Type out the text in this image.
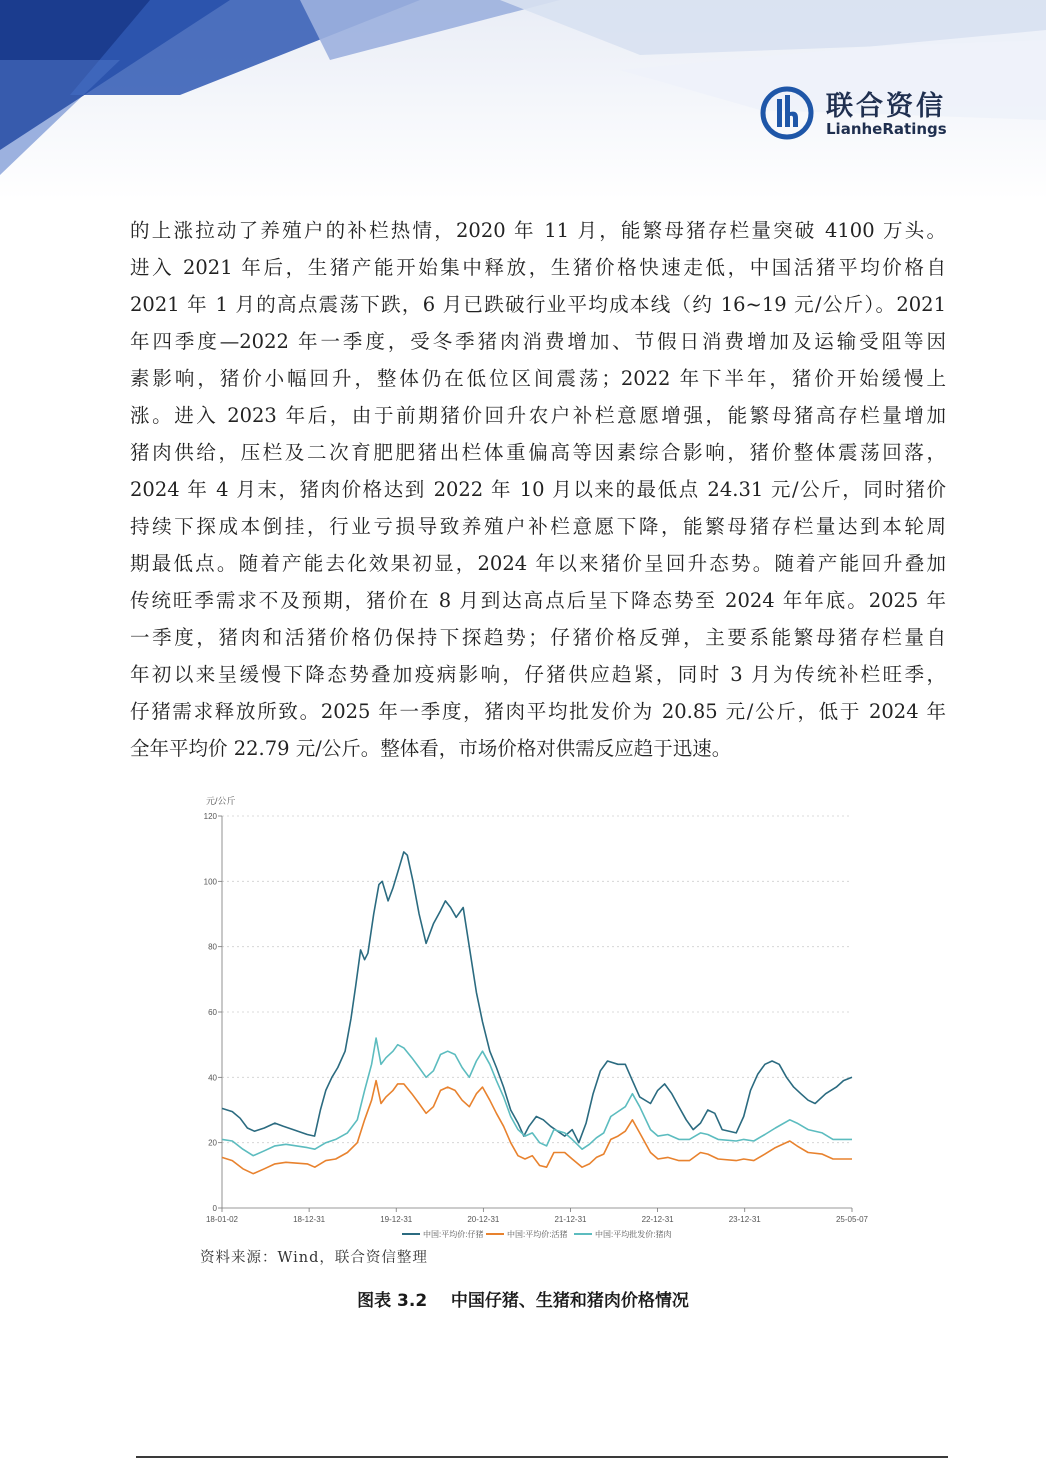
联合资信
LianheRatings
的上涨拉动了养殖户的补栏热情，2020 年 11 月，能繁母猪存栏量突破 4100 万头。
进入 2021 年后，生猪产能开始集中释放，生猪价格快速走低，中国活猪平均价格自
2021 年 1 月的高点震荡下跌，6 月已跌破行业平均成本线（约 16~19 元/公斤）。2021
年四季度—2022 年一季度，受冬季猪肉消费增加、节假日消费增加及运输受阻等因
素影响，猪价小幅回升，整体仍在低位区间震荡；2022 年下半年，猪价开始缓慢上
涨。进入 2023 年后，由于前期猪价回升农户补栏意愿增强，能繁母猪高存栏量增加
猪肉供给，压栏及二次育肥肥猪出栏体重偏高等因素综合影响，猪价整体震荡回落，
2024 年 4 月末，猪肉价格达到 2022 年 10 月以来的最低点 24.31 元/公斤，同时猪价
持续下探成本倒挂，行业亏损导致养殖户补栏意愿下降，能繁母猪存栏量达到本轮周
期最低点。随着产能去化效果初显，2024 年以来猪价呈回升态势。随着产能回升叠加
传统旺季需求不及预期，猪价在 8 月到达高点后呈下降态势至 2024 年年底。2025 年
一季度，猪肉和活猪价格仍保持下探趋势；仔猪价格反弹，主要系能繁母猪存栏量自
年初以来呈缓慢下降态势叠加疫病影响，仔猪供应趋紧，同时 3 月为传统补栏旺季，
仔猪需求释放所致。2025 年一季度，猪肉平均批发价为 20.85 元/公斤，低于 2024 年
全年平均价 22.79 元/公斤。整体看，市场价格对供需反应趋于迅速。
元/公斤
0
20
40
60
80
100
120
18-01-02	18-12-31	19-12-31	20-12-31	21-12-31	22-12-31	23-12-31	25-05-07
中国:平均价:仔猪	中国:平均价:活猪	中国:平均批发价:猪肉
资料来源：Wind，联合资信整理
图表 3.2    中国仔猪、生猪和猪肉价格情况
